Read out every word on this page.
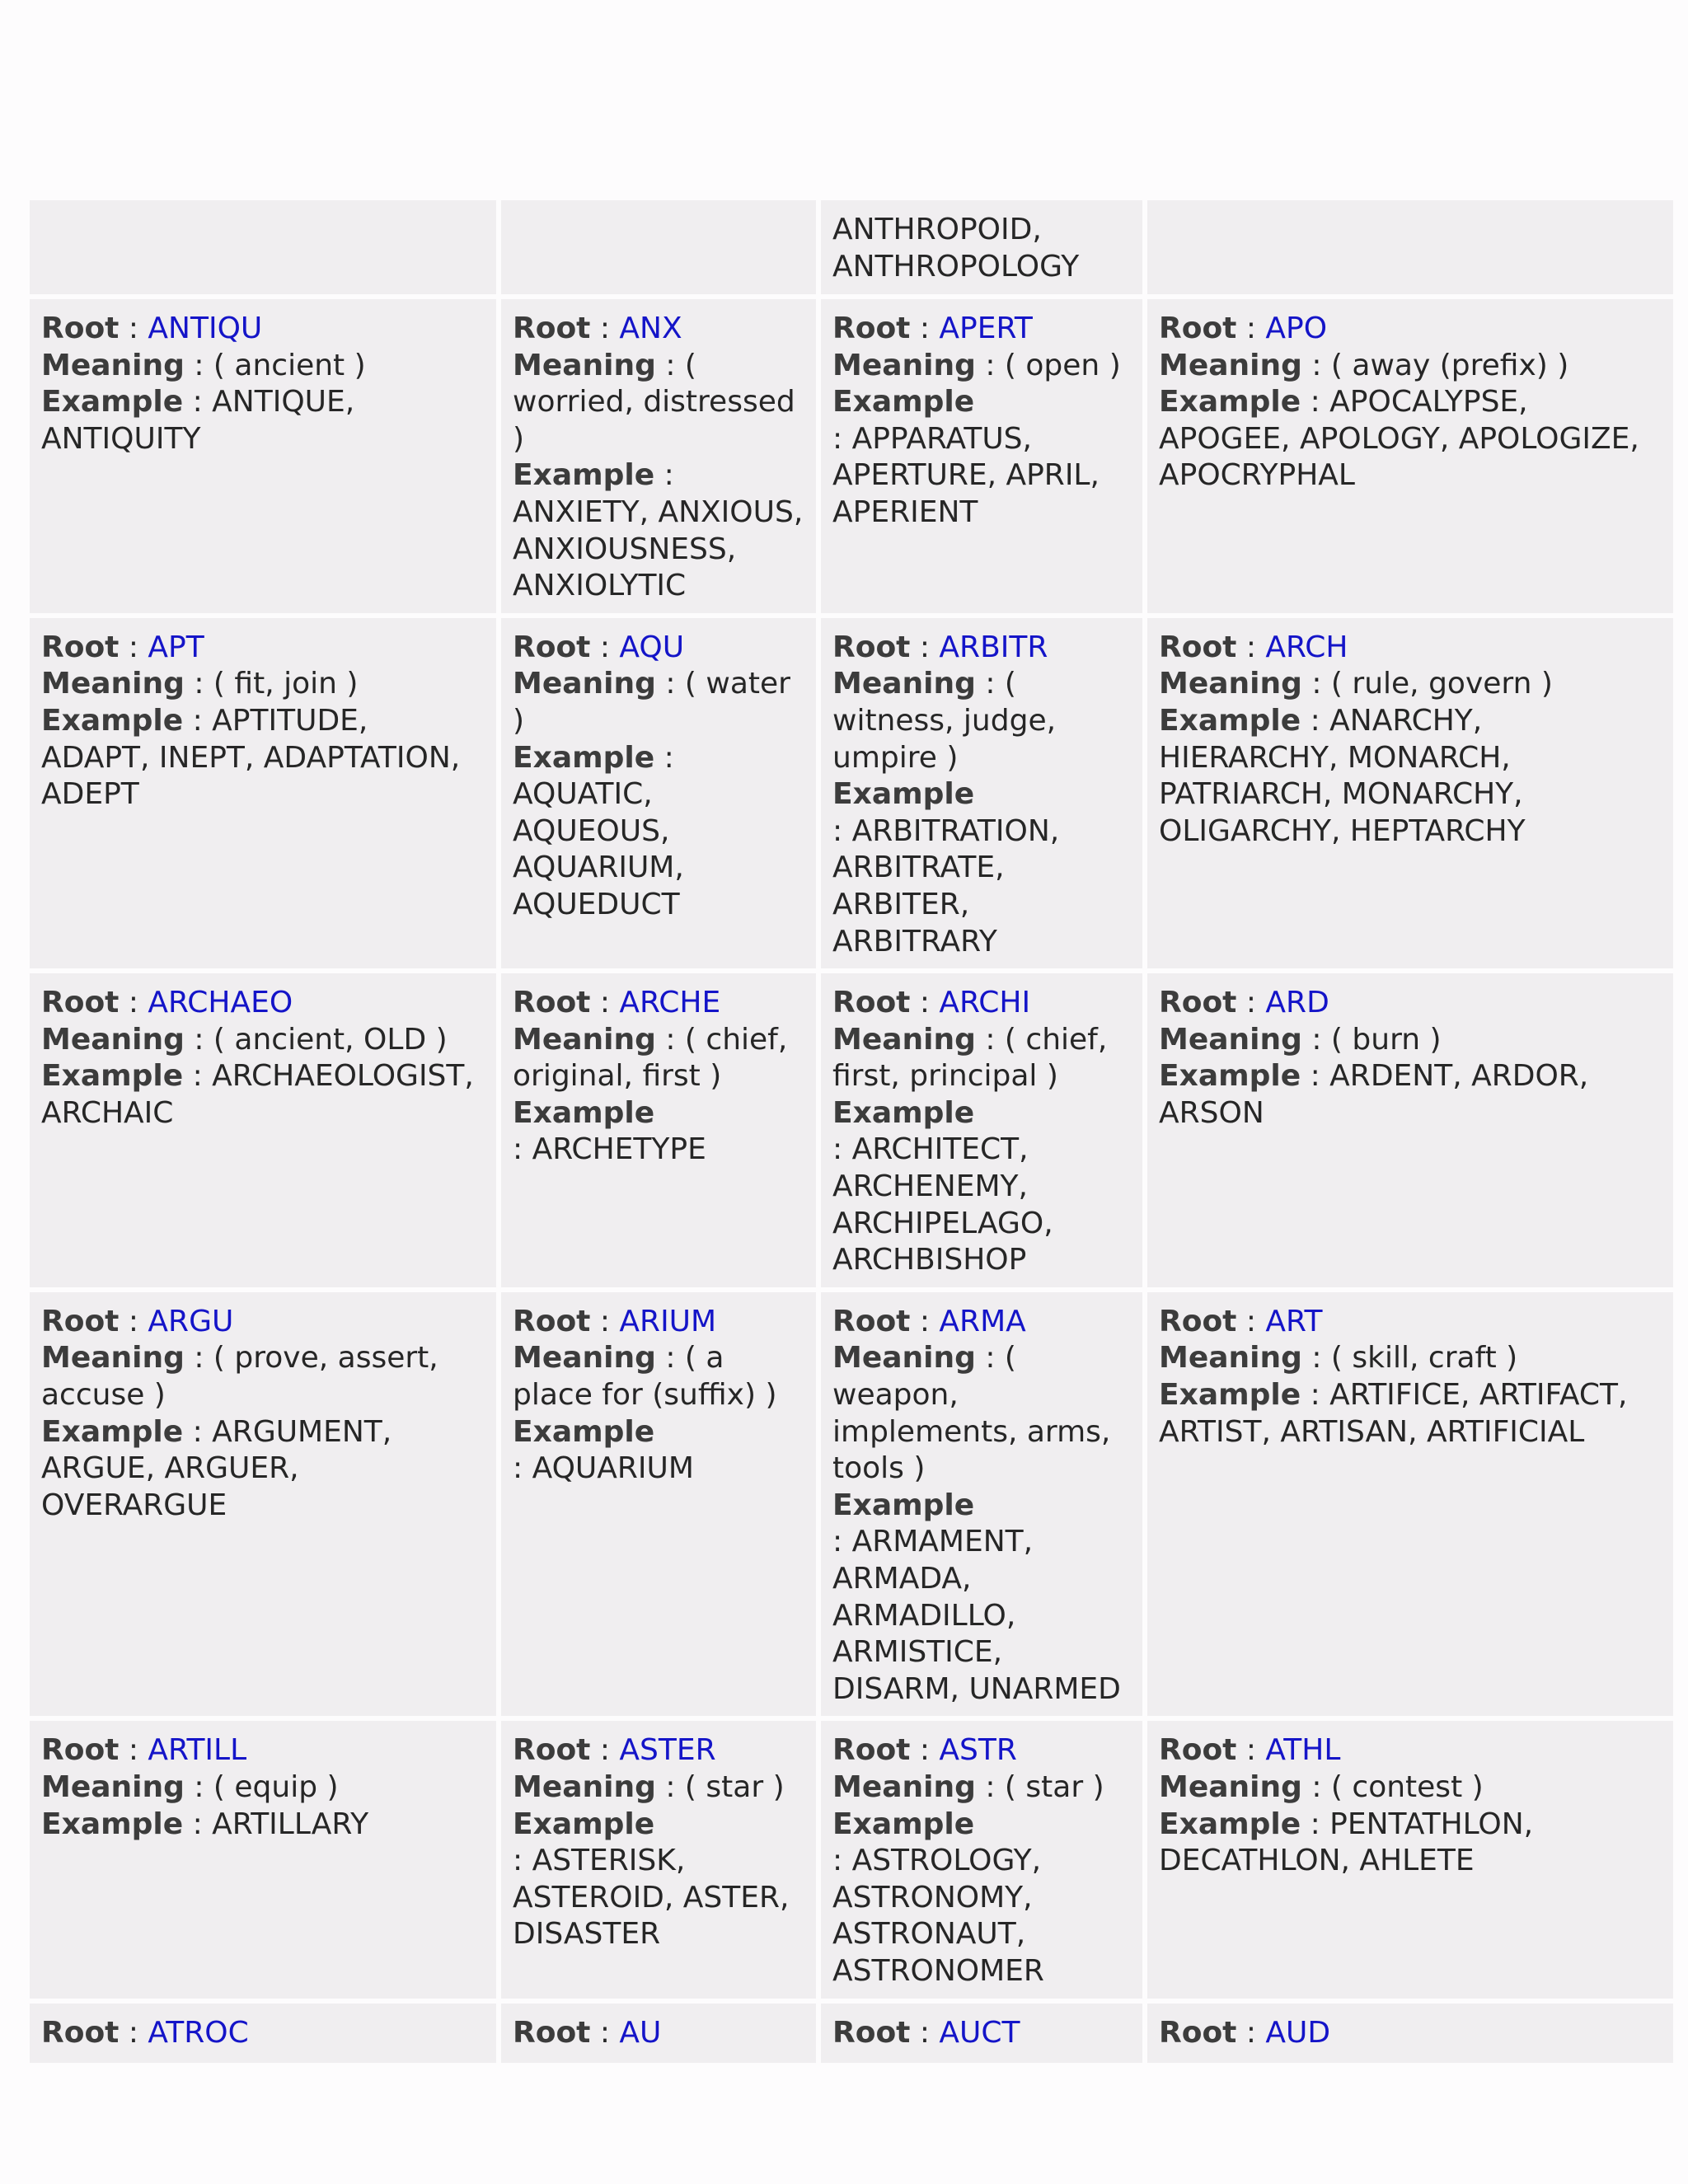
		ANTHROPOID, ANTHROPOLOGY	

Root : ANTIQU
Meaning : ( ancient )
Example : ANTIQUE, ANTIQUITY	Root : ANX
Meaning : ( worried, distressed )
Example : ANXIETY, ANXIOUS, ANXIOUSNESS, ANXIOLYTIC	Root : APERT
Meaning : ( open )
Example
: APPARATUS, APERTURE, APRIL, APERIENT	Root : APO
Meaning : ( away (prefix) )
Example : APOCALYPSE, APOGEE, APOLOGY, APOLOGIZE, APOCRYPHAL

Root : APT
Meaning : ( fit, join )
Example : APTITUDE, ADAPT, INEPT, ADAPTATION, ADEPT	Root : AQU
Meaning : ( water )
Example : AQUATIC, AQUEOUS, AQUARIUM, AQUEDUCT	Root : ARBITR
Meaning : ( witness, judge, umpire )
Example
: ARBITRATION, ARBITRATE, ARBITER, ARBITRARY	Root : ARCH
Meaning : ( rule, govern )
Example : ANARCHY, HIERARCHY, MONARCH, PATRIARCH, MONARCHY, OLIGARCHY, HEPTARCHY

Root : ARCHAEO
Meaning : ( ancient, OLD )
Example : ARCHAEOLOGIST, ARCHAIC	Root : ARCHE
Meaning : ( chief, original, first )
Example
: ARCHETYPE	Root : ARCHI
Meaning : ( chief, first, principal )
Example
: ARCHITECT, ARCHENEMY, ARCHIPELAGO, ARCHBISHOP	Root : ARD
Meaning : ( burn )
Example : ARDENT, ARDOR, ARSON

Root : ARGU
Meaning : ( prove, assert, accuse )
Example : ARGUMENT, ARGUE, ARGUER, OVERARGUE	Root : ARIUM
Meaning : ( a place for (suffix) )
Example
: AQUARIUM	Root : ARMA
Meaning : ( weapon, implements, arms, tools )
Example
: ARMAMENT, ARMADA, ARMADILLO, ARMISTICE, DISARM, UNARMED	Root : ART
Meaning : ( skill, craft )
Example : ARTIFICE, ARTIFACT, ARTIST, ARTISAN, ARTIFICIAL

Root : ARTILL
Meaning : ( equip )
Example : ARTILLARY	Root : ASTER
Meaning : ( star )
Example
: ASTERISK, ASTEROID, ASTER, DISASTER	Root : ASTR
Meaning : ( star )
Example
: ASTROLOGY, ASTRONOMY, ASTRONAUT, ASTRONOMER	Root : ATHL
Meaning : ( contest )
Example : PENTATHLON, DECATHLON, AHLETE

Root : ATROC	Root : AU	Root : AUCT	Root : AUD
